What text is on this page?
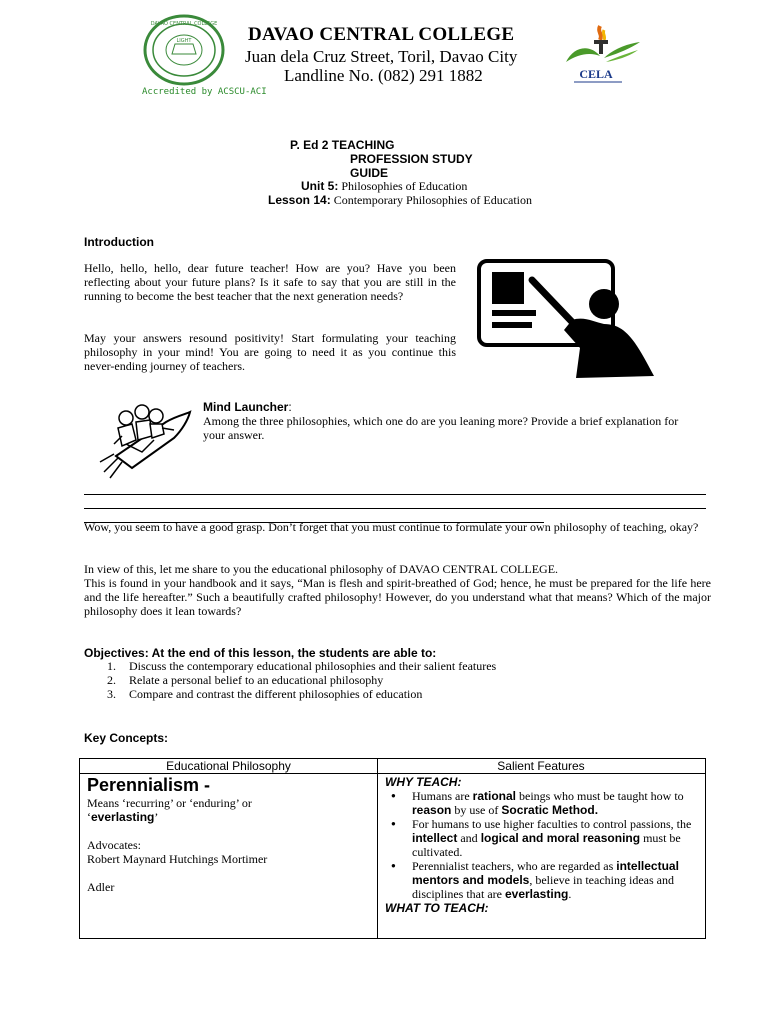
DAVAO CENTRAL COLLEGE
LIGHT	DAVAO CENTRAL COLLEGE
Juan dela Cruz Street, Toril, Davao City
Landline No. (082) 291 1882
Accredited by ACSCU-ACI
CELA
P. Ed 2 TEACHING
PROFESSION STUDY
GUIDE
Unit 5: Philosophies of Education
Lesson 14: Contemporary Philosophies of Education
Introduction
Hello, hello, hello, dear future teacher! How are you? Have you been reflecting about your future plans? Is it safe to say that you are still in the running to become the best teacher that the next generation needs?
May your answers resound positivity! Start formulating your teaching philosophy in your mind! You are going to need it as you continue this never-ending journey of teachers.
Mind Launcher:
Among the three philosophies, which one do are you leaning more? Provide a brief explanation for your answer.
Wow, you seem to have a good grasp. Don’t forget that you must continue to formulate your own philosophy of teaching, okay?
In view of this, let me share to you the educational philosophy of DAVAO CENTRAL COLLEGE.
This is found in your handbook and it says, “Man is flesh and spirit-breathed of God; hence, he must be prepared for the life here and the life hereafter.” Such a beautifully crafted philosophy! However, do you understand what that means? Which of the major philosophy does it lean towards?
Objectives: At the end of this lesson, the students are able to:
1. Discuss the contemporary educational philosophies and their salient features
2. Relate a personal belief to an educational philosophy
3. Compare and contrast the different philosophies of education
Key Concepts:
Educational Philosophy	Salient Features
Perennialism -
Means ‘recurring’ or ‘enduring’ or
‘everlasting’
Advocates:
Robert Maynard Hutchings Mortimer
Adler
WHY TEACH:
● Humans are rational beings who must be taught how to reason by use of Socratic Method.
● For humans to use higher faculties to control passions, the intellect and logical and moral reasoning must be cultivated.
● Perennialist teachers, who are regarded as intellectual mentors and models, believe in teaching ideas and disciplines that are everlasting.
WHAT TO TEACH:
